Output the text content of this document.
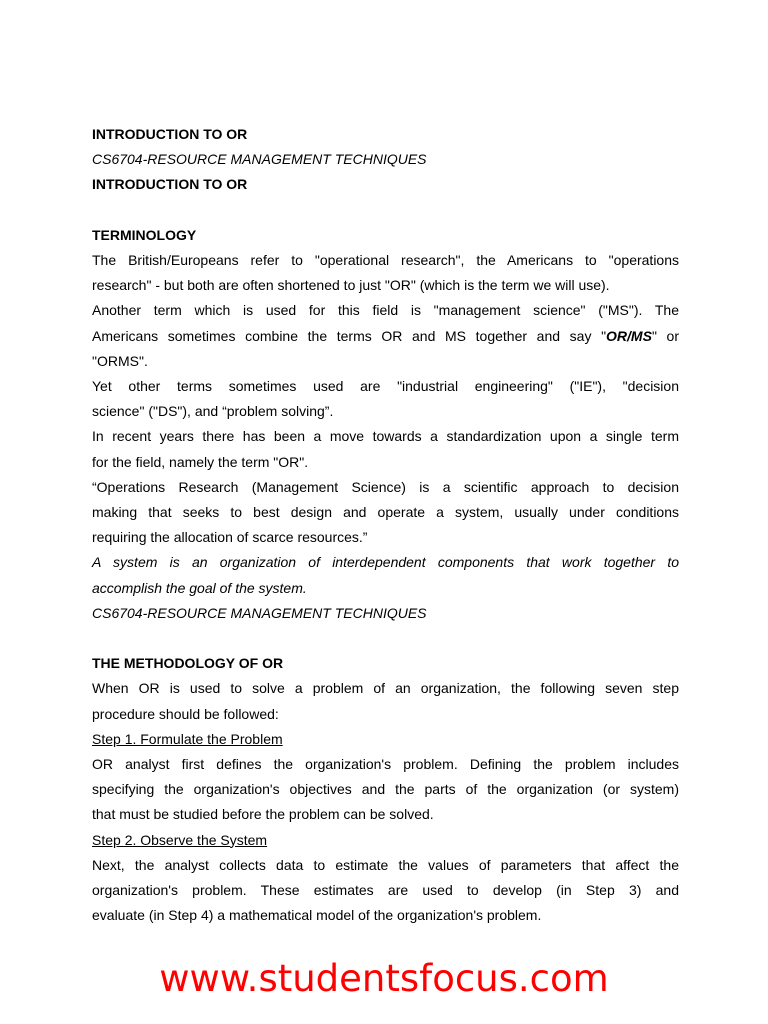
INTRODUCTION TO OR
CS6704-RESOURCE MANAGEMENT TECHNIQUES
INTRODUCTION TO OR
TERMINOLOGY
The British/Europeans refer to "operational research", the Americans to "operations
research" - but both are often shortened to just "OR" (which is the term we will use).
Another term which is used for this field is "management science" ("MS"). The
Americans sometimes combine the terms OR and MS together and say "OR/MS" or
"ORMS".
Yet other terms sometimes used are "industrial engineering" ("IE"), "decision
science" ("DS"), and “problem solving”.
In recent years there has been a move towards a standardization upon a single term
for the field, namely the term "OR".
“Operations Research (Management Science) is a scientific approach to decision
making that seeks to best design and operate a system, usually under conditions
requiring the allocation of scarce resources.”
A system is an organization of interdependent components that work together to
accomplish the goal of the system.
CS6704-RESOURCE MANAGEMENT TECHNIQUES
THE METHODOLOGY OF OR
When OR is used to solve a problem of an organization, the following seven step
procedure should be followed:
Step 1. Formulate the Problem
OR analyst first defines the organization's problem. Defining the problem includes
specifying the organization's objectives and the parts of the organization (or system)
that must be studied before the problem can be solved.
Step 2. Observe the System
Next, the analyst collects data to estimate the values of parameters that affect the
organization's problem. These estimates are used to develop (in Step 3) and
evaluate (in Step 4) a mathematical model of the organization's problem.
www.studentsfocus.com
